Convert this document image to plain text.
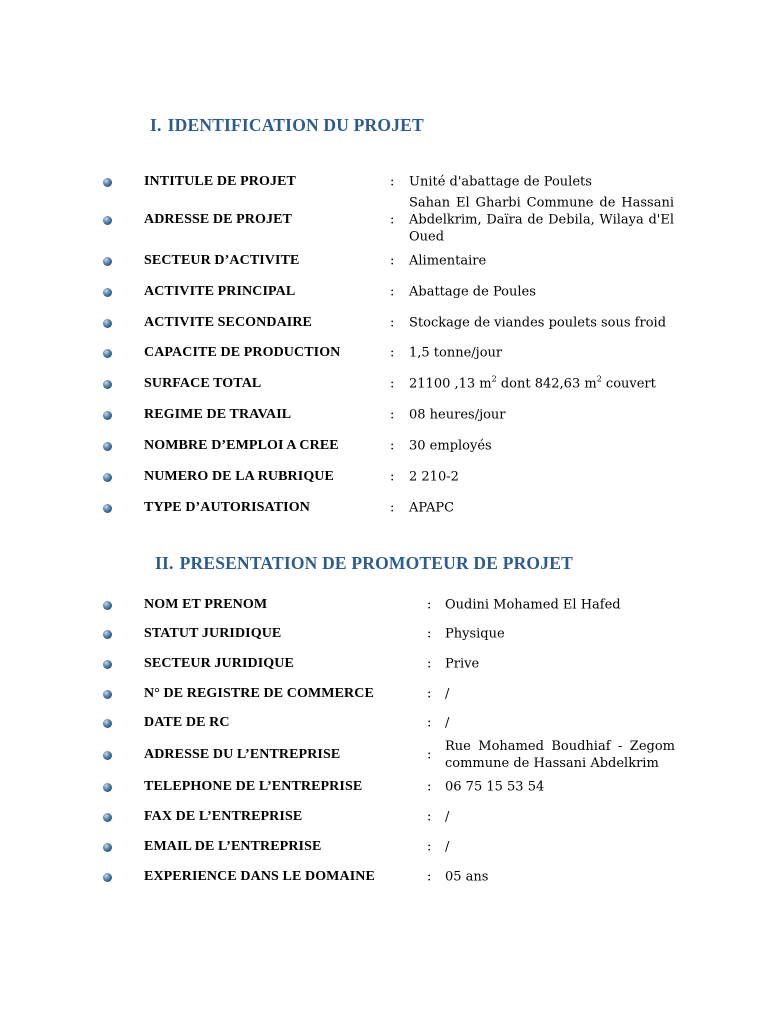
I. IDENTIFICATION DU PROJET
INTITULE DE PROJET	: Unité d'abattage de Poulets
ADRESSE DE PROJET	:
Sahan El Gharbi Commune de Hassani Abdelkrim, Daïra de Debila, Wilaya d'El Oued
SECTEUR D’ACTIVITE	: Alimentaire
ACTIVITE PRINCIPAL	: Abattage de Poules
ACTIVITE SECONDAIRE	: Stockage de viandes poulets sous froid
CAPACITE DE PRODUCTION	: 1,5 tonne/jour
SURFACE TOTAL	: 21100 ,13 $m^2$ dont 842,63 $m^2$ couvert
REGIME DE TRAVAIL	: 08 heures/jour
NOMBRE D’EMPLOI A CREE	: 30 employés
NUMERO DE LA RUBRIQUE	: 2 210-2
TYPE D’AUTORISATION	: APAPC
II. PRESENTATION DE PROMOTEUR DE PROJET
NOM ET PRENOM	: Oudini Mohamed El Hafed
STATUT JURIDIQUE	: Physique
SECTEUR JURIDIQUE	: Prive
N° DE REGISTRE DE COMMERCE	: /
DATE DE RC	: /
ADRESSE DU L’ENTREPRISE	:
Rue Mohamed Boudhiaf - Zegom commune de Hassani Abdelkrim
TELEPHONE DE L’ENTREPRISE	: 06 75 15 53 54
FAX DE L’ENTREPRISE	: /
EMAIL DE L’ENTREPRISE	: /
EXPERIENCE DANS LE DOMAINE	: 05 ans
